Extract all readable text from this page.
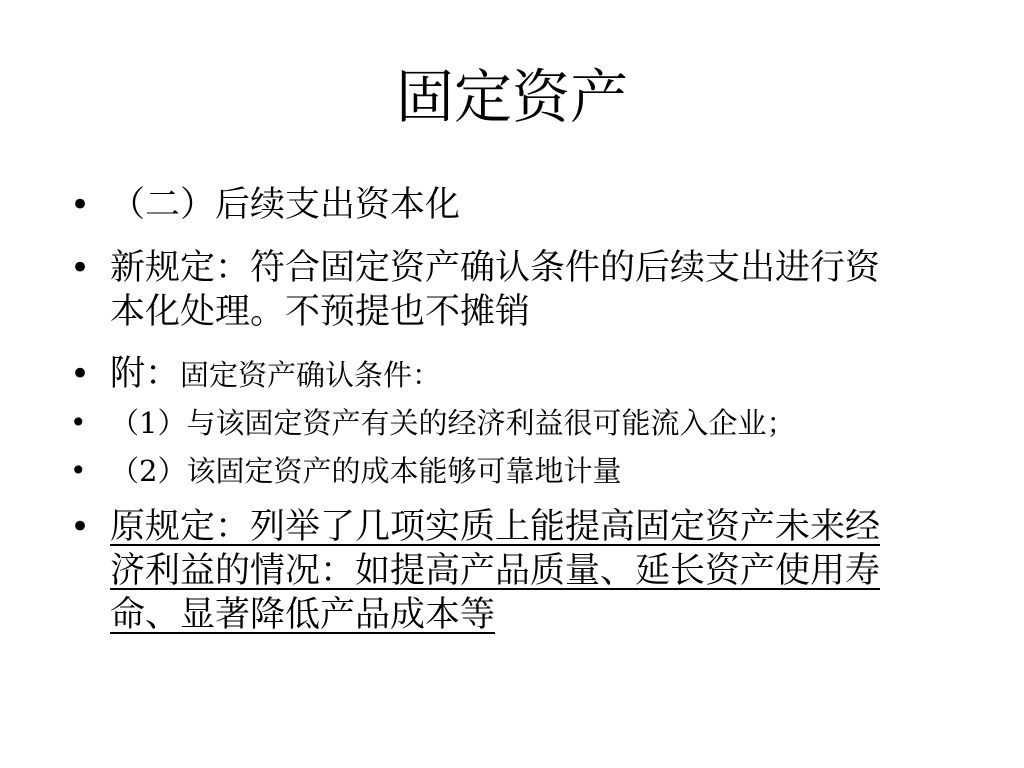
固定资产
• （二）后续支出资本化
• 新规定：符合固定资产确认条件的后续支出进行资本化处理。不预提也不摊销
• 附：固定资产确认条件：
• （1）与该固定资产有关的经济利益很可能流入企业；
• （2）该固定资产的成本能够可靠地计量
• 原规定：列举了几项实质上能提高固定资产未来经济利益的情况：如提高产品质量、延长资产使用寿命、显著降低产品成本等
